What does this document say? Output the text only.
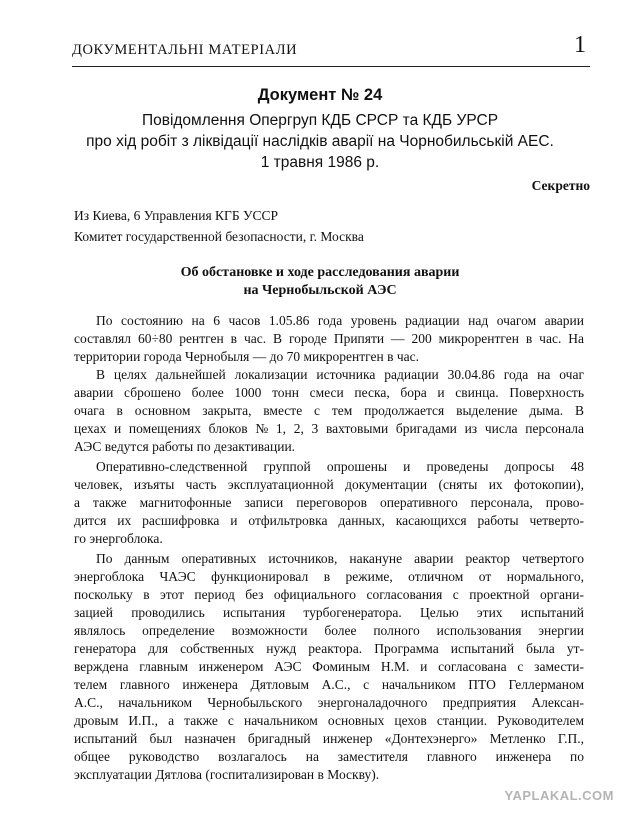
ДОКУМЕНТАЛЬНІ МАТЕРІАЛИ	1
Документ № 24
Повідомлення Опергруп КДБ СРСР та КДБ УРСР
про хід робіт з ліквідації наслідків аварії на Чорнобильській АЕС.
1 травня 1986 р.
Секретно
Из Киева, 6 Управления КГБ УССР
Комитет государственной безопасности, г. Москва
Об обстановке и ходе расследования аварии
на Чернобыльской АЭС
По состоянию на 6 часов 1.05.86 года уровень радиации над очагом аварии
составлял 60÷80 рентген в час. В городе Припяти — 200 микрорентген в час. На
территории города Чернобыля — до 70 микрорентген в час.
В целях дальнейшей локализации источника радиации 30.04.86 года на очаг
аварии сброшено более 1000 тонн смеси песка, бора и свинца. Поверхность
очага в основном закрыта, вместе с тем продолжается выделение дыма. В
цехах и помещениях блоков № 1, 2, 3 вахтовыми бригадами из числа персонала
АЭС ведутся работы по дезактивации.
Оперативно-следственной группой опрошены и проведены допросы 48
человек, изъяты часть эксплуатационной документации (сняты их фотокопии),
а также магнитофонные записи переговоров оперативного персонала, прово-
дится их расшифровка и отфильтровка данных, касающихся работы четверто-
го энергоблока.
По данным оперативных источников, накануне аварии реактор четвертого
энергоблока ЧАЭС функционировал в режиме, отличном от нормального,
поскольку в этот период без официального согласования с проектной органи-
зацией проводились испытания турбогенератора. Целью этих испытаний
являлось определение возможности более полного использования энергии
генератора для собственных нужд реактора. Программа испытаний была ут-
верждена главным инженером АЭС Фоминым Н.М. и согласована с замести-
телем главного инженера Дятловым А.С., с начальником ПТО Геллерманом
А.С., начальником Чернобыльского энергоналадочного предприятия Алексан-
дровым И.П., а также с начальником основных цехов станции. Руководителем
испытаний был назначен бригадный инженер «Донтехэнерго» Метленко Г.П.,
общее руководство возлагалось на заместителя главного инженера по
эксплуатации Дятлова (госпитализирован в Москву).
YAPLAKAL.COM
